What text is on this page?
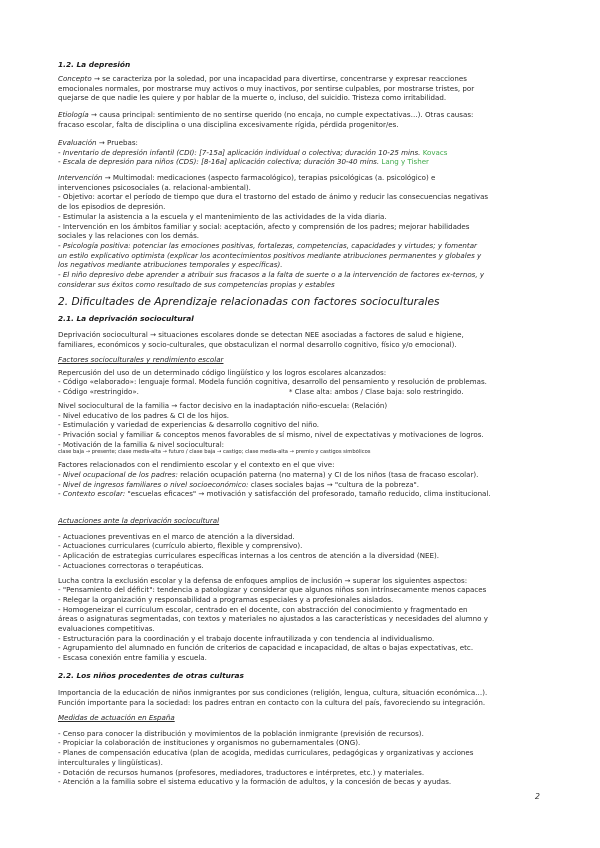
1.2. La depresión

Concepto → se caracteriza por la soledad, por una incapacidad para divertirse, concentrarse y expresar reacciones

emocionales normales, por mostrarse muy activos o muy inactivos, por sentirse culpables, por mostrarse tristes, por

quejarse de que nadie les quiere y por hablar de la muerte o, incluso, del suicidio. Tristeza como irritabilidad.

Etiología → causa principal: sentimiento de no sentirse querido (no encaja, no cumple expectativas…). Otras causas:

fracaso escolar, falta de disciplina o una disciplina excesivamente rígida, pérdida progenitor/es.

Evaluación → Pruebas:

- Inventario de depresión infantil (CDI): [7-15a] aplicación individual o colectiva; duración 10-25 mins. Kovacs

- Escala de depresión para niños (CDS): [8-16a] aplicación colectiva; duración 30-40 mins. Lang y Tisher

Intervención → Multimodal: medicaciones (aspecto farmacológico), terapias psicológicas (a. psicológico) e

intervenciones psicosociales (a. relacional-ambiental).

- Objetivo: acortar el período de tiempo que dura el trastorno del estado de ánimo y reducir las consecuencias negativas

de los episodios de depresión.

- Estimular la asistencia a la escuela y el mantenimiento de las actividades de la vida diaria.

- Intervención en los ámbitos familiar y social: aceptación, afecto y comprensión de los padres; mejorar habilidades

sociales y las relaciones con los demás.

- Psicología positiva: potenciar las emociones positivas, fortalezas, competencias, capacidades y virtudes; y fomentar

un estilo explicativo optimista (explicar los acontecimientos positivos mediante atribuciones permanentes y globales y

los negativos mediante atribuciones temporales y específicas).

- El niño depresivo debe aprender a atribuir sus fracasos a la falta de suerte o a la intervención de factores ex-ternos, y

considerar sus éxitos como resultado de sus competencias propias y estables

2. Dificultades de Aprendizaje relacionadas con factores socioculturales

2.1. La deprivación sociocultural

Deprivación sociocultural → situaciones escolares donde se detectan NEE asociadas a factores de salud e higiene,

familiares, económicos y socio-culturales, que obstaculizan el normal desarrollo cognitivo, físico y/o emocional).

Factores socioculturales y rendimiento escolar

Repercusión del uso de un determinado código lingüístico y los logros escolares alcanzados:

- Código «elaborado»: lenguaje formal. Modela función cognitiva, desarrollo del pensamiento y resolución de problemas.

- Código «restringido».	* Clase alta: ambos / Clase baja: solo restringido.

Nivel sociocultural de la familia → factor decisivo en la inadaptación niño-escuela: (Relación)

- Nivel educativo de los padres & CI de los hijos.

- Estimulación y variedad de experiencias & desarrollo cognitivo del niño.

- Privación social y familiar & conceptos menos favorables de sí mismo, nivel de expectativas y motivaciones de logros.

- Motivación de la familia & nivel sociocultural:

clase baja → presente; clase media-alta → futuro / clase baja → castigo; clase media-alta → premio y castigos simbólicos

Factores relacionados con el rendimiento escolar y el contexto en el que vive:

- Nivel ocupacional de los padres: relación ocupación paterna (no materna) y CI de los niños (tasa de fracaso escolar).

- Nivel de ingresos familiares o nivel socioeconómico: clases sociales bajas → "cultura de la pobreza".

- Contexto escolar: "escuelas eficaces" → motivación y satisfacción del profesorado, tamaño reducido, clima institucional.

Actuaciones ante la deprivación sociocultural

- Actuaciones preventivas en el marco de atención a la diversidad.

- Actuaciones curriculares (currículo abierto, flexible y comprensivo).

- Aplicación de estrategias curriculares específicas internas a los centros de atención a la diversidad (NEE).

- Actuaciones correctoras o terapéuticas.

Lucha contra la exclusión escolar y la defensa de enfoques amplios de inclusión → superar los siguientes aspectos:

- "Pensamiento del déficit": tendencia a patologizar y considerar que algunos niños son intrínsecamente menos capaces

- Relegar la organización y responsabilidad a programas especiales y a profesionales aislados.

- Homogeneizar el currículum escolar, centrado en el docente, con abstracción del conocimiento y fragmentado en

áreas o asignaturas segmentadas, con textos y materiales no ajustados a las características y necesidades del alumno y

evaluaciones competitivas.

- Estructuración para la coordinación y el trabajo docente infrautilizada y con tendencia al individualismo.

- Agrupamiento del alumnado en función de criterios de capacidad e incapacidad, de altas o bajas expectativas, etc.

- Escasa conexión entre familia y escuela.

2.2. Los niños procedentes de otras culturas

Importancia de la educación de niños inmigrantes por sus condiciones (religión, lengua, cultura, situación económica…).

Función importante para la sociedad: los padres entran en contacto con la cultura del país, favoreciendo su integración.

Medidas de actuación en España

- Censo para conocer la distribución y movimientos de la población inmigrante (previsión de recursos).

- Propiciar la colaboración de instituciones y organismos no gubernamentales (ONG).

- Planes de compensación educativa (plan de acogida, medidas curriculares, pedagógicas y organizativas y acciones

interculturales y lingüísticas).

- Dotación de recursos humanos (profesores, mediadores, traductores e intérpretes, etc.) y materiales.

- Atención a la familia sobre el sistema educativo y la formación de adultos, y la concesión de becas y ayudas.

2
